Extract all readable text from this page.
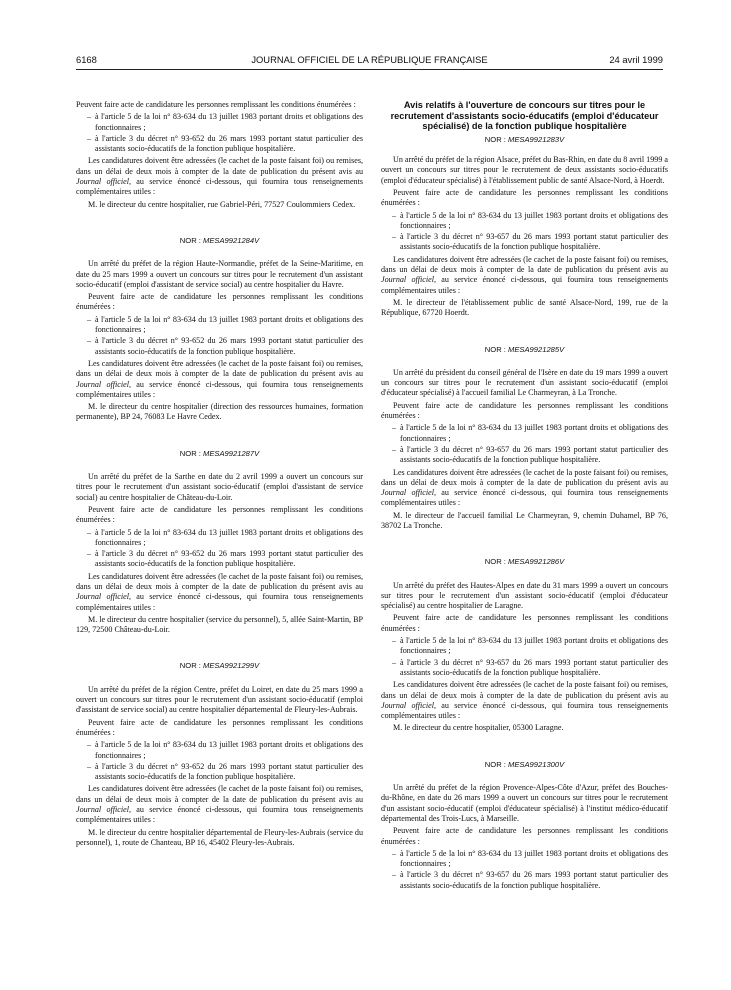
6168	JOURNAL OFFICIEL DE LA RÉPUBLIQUE FRANÇAISE	24 avril 1999

Peuvent faire acte de candidature les personnes remplissant les conditions énumérées :

– à l'article 5 de la loi n° 83-634 du 13 juillet 1983 portant droits et obligations des fonctionnaires ;
– à l'article 3 du décret n° 93-652 du 26 mars 1993 portant statut particulier des assistants socio-éducatifs de la fonction publique hospitalière.

Les candidatures doivent être adressées (le cachet de la poste faisant foi) ou remises, dans un délai de deux mois à compter de la date de publication du présent avis au Journal officiel, au service énoncé ci-dessous, qui fournira tous renseignements complémentaires utiles :

M. le directeur du centre hospitalier, rue Gabriel-Péri, 77527 Coulommiers Cedex.

NOR : MESA9921284V

Un arrêté du préfet de la région Haute-Normandie, préfet de la Seine-Maritime, en date du 25 mars 1999 a ouvert un concours sur titres pour le recrutement d'un assistant socio-éducatif (emploi d'assistant de service social) au centre hospitalier du Havre.

Peuvent faire acte de candidature les personnes remplissant les conditions énumérées :

– à l'article 5 de la loi n° 83-634 du 13 juillet 1983 portant droits et obligations des fonctionnaires ;
– à l'article 3 du décret n° 93-652 du 26 mars 1993 portant statut particulier des assistants socio-éducatifs de la fonction publique hospitalière.

Les candidatures doivent être adressées (le cachet de la poste faisant foi) ou remises, dans un délai de deux mois à compter de la date de publication du présent avis au Journal officiel, au service énoncé ci-dessous, qui fournira tous renseignements complémentaires utiles :

M. le directeur du centre hospitalier (direction des ressources humaines, formation permanente), BP 24, 76083 Le Havre Cedex.

NOR : MESA9921287V

Un arrêté du préfet de la Sarthe en date du 2 avril 1999 a ouvert un concours sur titres pour le recrutement d'un assistant socio-éducatif (emploi d'assistant de service social) au centre hospitalier de Château-du-Loir.

Peuvent faire acte de candidature les personnes remplissant les conditions énumérées :

– à l'article 5 de la loi n° 83-634 du 13 juillet 1983 portant droits et obligations des fonctionnaires ;
– à l'article 3 du décret n° 93-652 du 26 mars 1993 portant statut particulier des assistants socio-éducatifs de la fonction publique hospitalière.

Les candidatures doivent être adressées (le cachet de la poste faisant foi) ou remises, dans un délai de deux mois à compter de la date de publication du présent avis au Journal officiel, au service énoncé ci-dessous, qui fournira tous renseignements complémentaires utiles :

M. le directeur du centre hospitalier (service du personnel), 5, allée Saint-Martin, BP 129, 72500 Château-du-Loir.

NOR : MESA9921299V

Un arrêté du préfet de la région Centre, préfet du Loiret, en date du 25 mars 1999 a ouvert un concours sur titres pour le recrutement d'un assistant socio-éducatif (emploi d'assistant de service social) au centre hospitalier départemental de Fleury-les-Aubrais.

Peuvent faire acte de candidature les personnes remplissant les conditions énumérées :

– à l'article 5 de la loi n° 83-634 du 13 juillet 1983 portant droits et obligations des fonctionnaires ;
– à l'article 3 du décret n° 93-652 du 26 mars 1993 portant statut particulier des assistants socio-éducatifs de la fonction publique hospitalière.

Les candidatures doivent être adressées (le cachet de la poste faisant foi) ou remises, dans un délai de deux mois à compter de la date de publication du présent avis au Journal officiel, au service énoncé ci-dessous, qui fournira tous renseignements complémentaires utiles :

M. le directeur du centre hospitalier départemental de Fleury-les-Aubrais (service du personnel), 1, route de Chanteau, BP 16, 45402 Fleury-les-Aubrais.

Avis relatifs à l'ouverture de concours sur titres pour le recrutement d'assistants socio-éducatifs (emploi d'éducateur spécialisé) de la fonction publique hospitalière
NOR : MESA9921283V

Un arrêté du préfet de la région Alsace, préfet du Bas-Rhin, en date du 8 avril 1999 a ouvert un concours sur titres pour le recrutement de deux assistants socio-éducatifs (emploi d'éducateur spécialisé) à l'établissement public de santé Alsace-Nord, à Hoerdt.

Peuvent faire acte de candidature les personnes remplissant les conditions énumérées :

– à l'article 5 de la loi n° 83-634 du 13 juillet 1983 portant droits et obligations des fonctionnaires ;
– à l'article 3 du décret n° 93-657 du 26 mars 1993 portant statut particulier des assistants socio-éducatifs de la fonction publique hospitalière.

Les candidatures doivent être adressées (le cachet de la poste faisant foi) ou remises, dans un délai de deux mois à compter de la date de publication du présent avis au Journal officiel, au service énoncé ci-dessous, qui fournira tous renseignements complémentaires utiles :

M. le directeur de l'établissement public de santé Alsace-Nord, 199, rue de la République, 67720 Hoerdt.

NOR : MESA9921285V

Un arrêté du président du conseil général de l'Isère en date du 19 mars 1999 a ouvert un concours sur titres pour le recrutement d'un assistant socio-éducatif (emploi d'éducateur spécialisé) à l'accueil familial Le Charmeyran, à La Tronche.

Peuvent faire acte de candidature les personnes remplissant les conditions énumérées :

– à l'article 5 de la loi n° 83-634 du 13 juillet 1983 portant droits et obligations des fonctionnaires ;
– à l'article 3 du décret n° 93-657 du 26 mars 1993 portant statut particulier des assistants socio-éducatifs de la fonction publique hospitalière.

Les candidatures doivent être adressées (le cachet de la poste faisant foi) ou remises, dans un délai de deux mois à compter de la date de publication du présent avis au Journal officiel, au service énoncé ci-dessous, qui fournira tous renseignements complémentaires utiles :

M. le directeur de l'accueil familial Le Charmeyran, 9, chemin Duhamel, BP 76, 38702 La Tronche.

NOR : MESA9921286V

Un arrêté du préfet des Hautes-Alpes en date du 31 mars 1999 a ouvert un concours sur titres pour le recrutement d'un assistant socio-éducatif (emploi d'éducateur spécialisé) au centre hospitalier de Laragne.

Peuvent faire acte de candidature les personnes remplissant les conditions énumérées :

– à l'article 5 de la loi n° 83-634 du 13 juillet 1983 portant droits et obligations des fonctionnaires ;
– à l'article 3 du décret n° 93-657 du 26 mars 1993 portant statut particulier des assistants socio-éducatifs de la fonction publique hospitalière.

Les candidatures doivent être adressées (le cachet de la poste faisant foi) ou remises, dans un délai de deux mois à compter de la date de publication du présent avis au Journal officiel, au service énoncé ci-dessous, qui fournira tous renseignements complémentaires utiles :

M. le directeur du centre hospitalier, 05300 Laragne.

NOR : MESA9921300V

Un arrêté du préfet de la région Provence-Alpes-Côte d'Azur, préfet des Bouches-du-Rhône, en date du 26 mars 1999 a ouvert un concours sur titres pour le recrutement d'un assistant socio-éducatif (emploi d'éducateur spécialisé) à l'institut médico-éducatif départemental des Trois-Lucs, à Marseille.

Peuvent faire acte de candidature les personnes remplissant les conditions énumérées :

– à l'article 5 de la loi n° 83-634 du 13 juillet 1983 portant droits et obligations des fonctionnaires ;
– à l'article 3 du décret n° 93-657 du 26 mars 1993 portant statut particulier des assistants socio-éducatifs de la fonction publique hospitalière.
